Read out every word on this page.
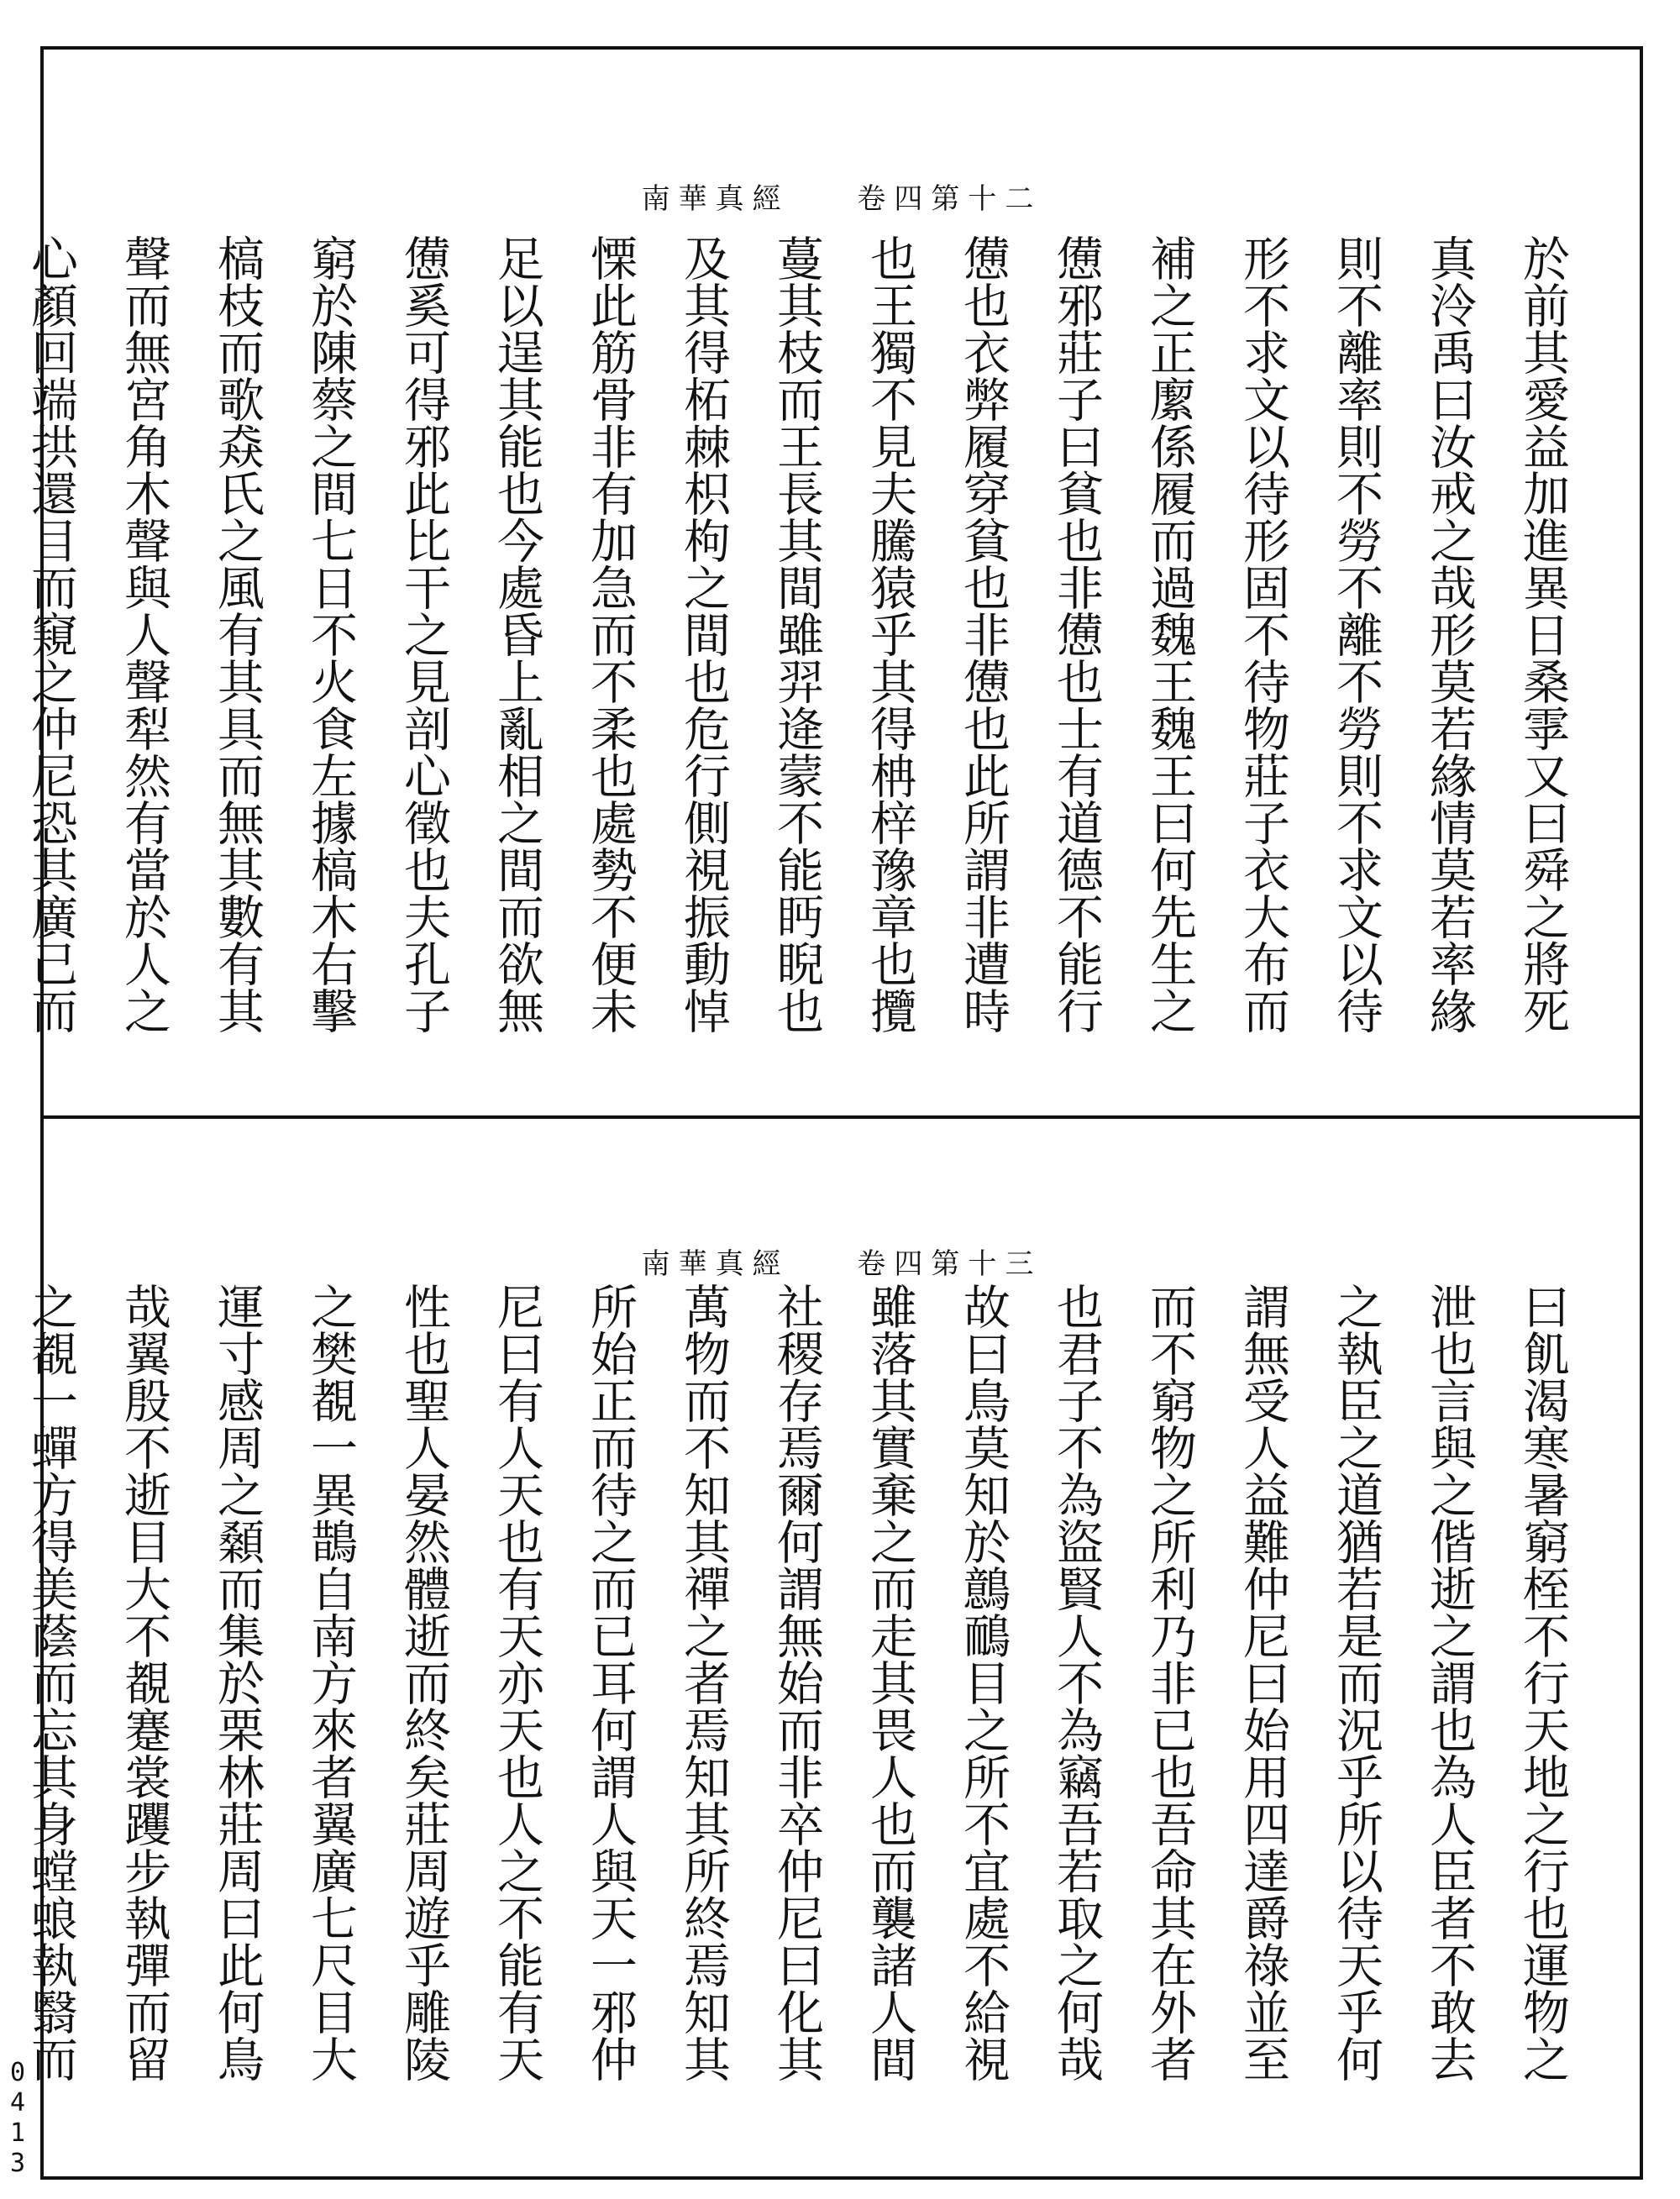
南華真經 卷四第十二
於前其愛益加進異日桑雽又曰舜之將死
真泠禹曰汝戒之哉形莫若緣情莫若率緣
則不離率則不勞不離不勞則不求文以待
形不求文以待形固不待物莊子衣大布而
補之正緳係履而過魏王魏王曰何先生之
憊邪莊子曰貧也非憊也士有道德不能行
憊也衣弊履穿貧也非憊也此所謂非遭時
也王獨不見夫騰猿乎其得柟梓豫章也攬
蔓其枝而王長其間雖羿逄蒙不能眄睨也
及其得柘棘枳枸之間也危行側視振動悼
慄此筋骨非有加急而不柔也處勢不便未
足以逞其能也今處昏上亂相之間而欲無
憊奚可得邪此比干之見剖心徵也夫孔子
窮於陳蔡之間七日不火食左據槁木右擊
槁枝而歌猋氏之風有其具而無其數有其
聲而無宮角木聲與人聲犁然有當於人之
心顏回端拱還目而窺之仲尼恐其廣己而
南華真經 卷四第十三
曰飢渴寒暑窮桎不行天地之行也運物之
泄也言與之偕逝之謂也為人臣者不敢去
之執臣之道猶若是而況乎所以待天乎何
謂無受人益難仲尼曰始用四達爵祿並至
而不窮物之所利乃非已也吾命其在外者
也君子不為盜賢人不為竊吾若取之何哉
故曰鳥莫知於鷾鴯目之所不宜處不給視
雖落其實棄之而走其畏人也而襲諸人間
社稷存焉爾何謂無始而非卒仲尼曰化其
萬物而不知其禪之者焉知其所終焉知其
所始正而待之而已耳何謂人與天一邪仲
尼曰有人天也有天亦天也人之不能有天
性也聖人晏然體逝而終矣莊周遊乎雕陵
之樊覩一異鵲自南方來者翼廣七尺目大
運寸感周之顙而集於栗林莊周曰此何鳥
哉翼殷不逝目大不覩蹇裳躩步執彈而留
之覩一蟬方得美蔭而忘其身螳蜋執翳而
0413
